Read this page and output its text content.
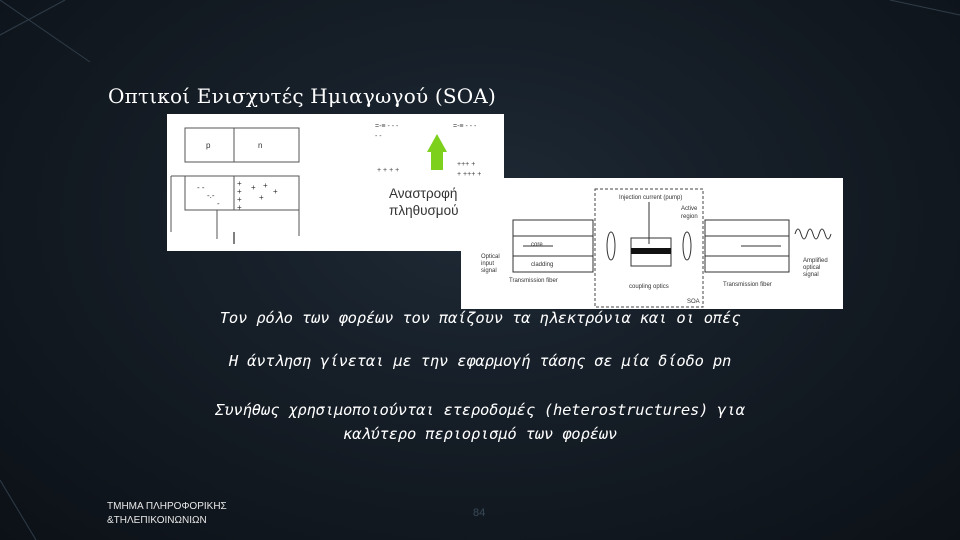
Οπτικοί Ενισχυτές Ημιαγωγού (SOA)
p	n
- -
-.-
-
+
+
+
+
+ +
+
+
=-≡ - - -
- -
+ + + +
=-≡ - - -
+++ +
+ +++ +
Αναστροφή
πληθυσμού
Injection current (pump)
Active
region
core
cladding
Optical
input
signal
Transmission fiber
coupling optics
SOA
Transmission fiber
Amplified
optical
signal
Τον ρόλο των φορέων τον παίζουν τα ηλεκτρόνια και οι οπές
Η άντληση γίνεται με την εφαρμογή τάσης σε μία δίοδο pn
Συνήθως χρησιμοποιούνται ετεροδομές (heterostructures) για καλύτερο περιορισμό των φορέων
ΤΜΗΜΑ ΠΛΗΡΟΦΟΡΙΚΗΣ
&ΤΗΛΕΠΙΚΟΙΝΩΝΙΩΝ
84
